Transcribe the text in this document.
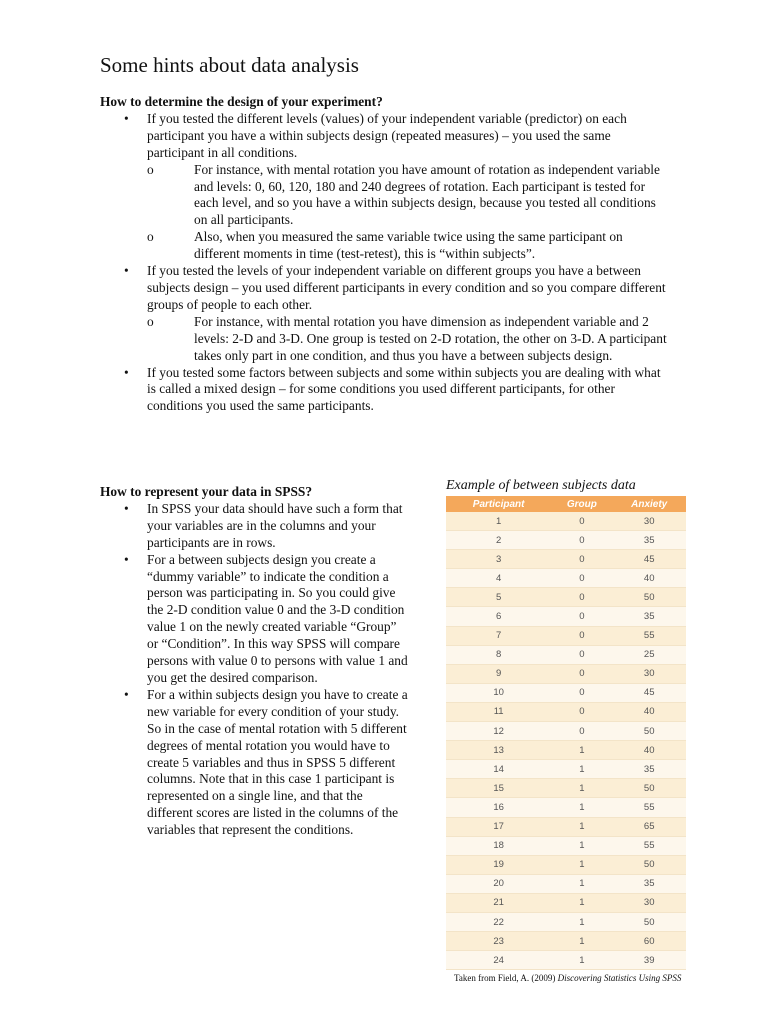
Some hints about data analysis

How to determine the design of your experiment?

• If you tested the different levels (values) of your independent variable (predictor) on each participant you have a within subjects design (repeated measures) – you used the same participant in all conditions.
o	For instance, with mental rotation you have amount of rotation as independent variable and levels: 0, 60, 120, 180 and 240 degrees of rotation. Each participant is tested for each level, and so you have a within subjects design, because you tested all conditions on all participants.
o	Also, when you measured the same variable twice using the same participant on different moments in time (test-retest), this is “within subjects”.
• If you tested the levels of your independent variable on different groups you have a between subjects design – you used different participants in every condition and so you compare different groups of people to each other.
o	For instance, with mental rotation you have dimension as independent variable and 2 levels: 2-D and 3-D. One group is tested on 2-D rotation, the other on 3-D. A participant takes only part in one condition, and thus you have a between subjects design.
• If you tested some factors between subjects and some within subjects you are dealing with what is called a mixed design – for some conditions you used different participants, for other conditions you used the same participants.

How to represent your data in SPSS?

• In SPSS your data should have such a form that your variables are in the columns and your participants are in rows.
• For a between subjects design you create a “dummy variable” to indicate the condition a person was participating in. So you could give the 2-D condition value 0 and the 3-D condition value 1 on the newly created variable “Group” or “Condition”. In this way SPSS will compare persons with value 0 to persons with value 1 and you get the desired comparison.
• For a within subjects design you have to create a new variable for every condition of your study. So in the case of mental rotation with 5 different degrees of mental rotation you would have to create 5 variables and thus in SPSS 5 different columns. Note that in this case 1 participant is represented on a single line, and that the different scores are listed in the columns of the variables that represent the conditions.

Example of between subjects data

Participant	Group	Anxiety
1	0	30
2	0	35
3	0	45
4	0	40
5	0	50
6	0	35
7	0	55
8	0	25
9	0	30
10	0	45
11	0	40
12	0	50
13	1	40
14	1	35
15	1	50
16	1	55
17	1	65
18	1	55
19	1	50
20	1	35
21	1	30
22	1	50
23	1	60
24	1	39
Taken from Field, A. (2009) Discovering Statistics Using SPSS
